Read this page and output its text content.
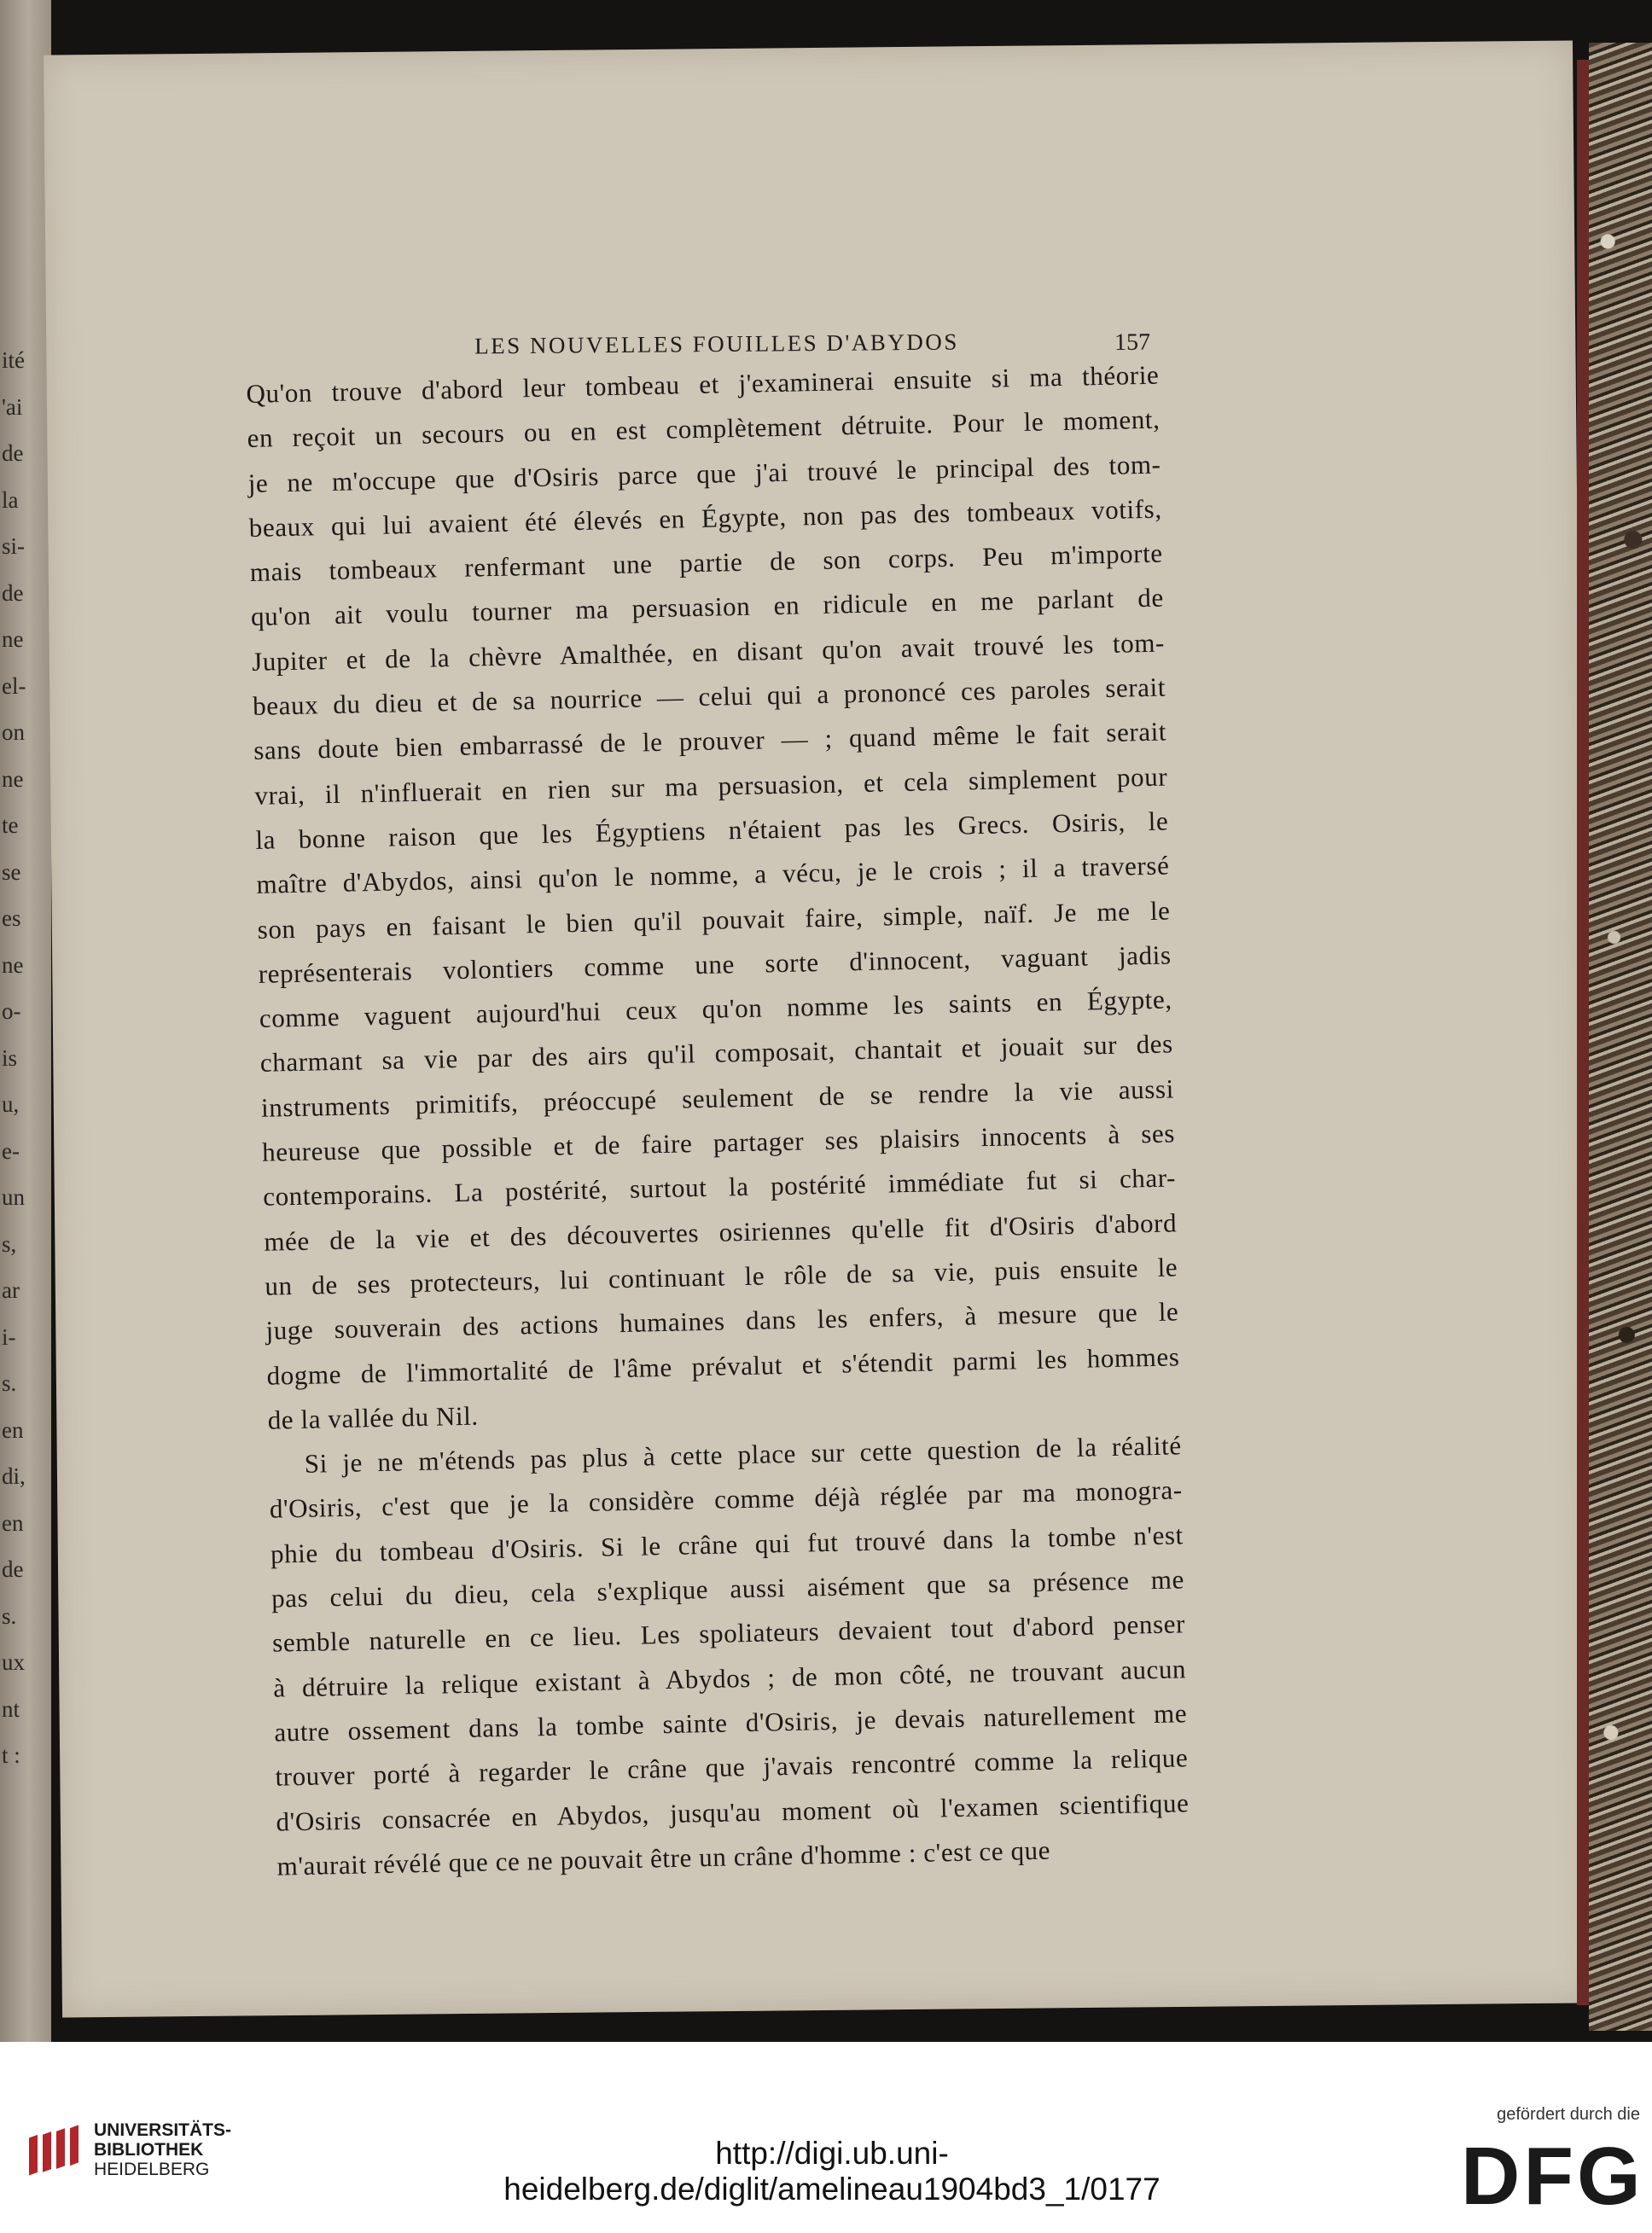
ité
'ai
de
la
si-
de
ne
el-
on
ne
te
se
es
ne
o-
is
u,
e-
un
s,
ar
i-
s.
en
di,
en
de
s.
ux
nt
t :
LES NOUVELLES FOUILLES D'ABYDOS	157
Qu'on trouve d'abord leur tombeau et j'examinerai ensuite si ma théorie
en reçoit un secours ou en est complètement détruite. Pour le moment,
je ne m'occupe que d'Osiris parce que j'ai trouvé le principal des tom-
beaux qui lui avaient été élevés en Égypte, non pas des tombeaux votifs,
mais tombeaux renfermant une partie de son corps. Peu m'importe
qu'on ait voulu tourner ma persuasion en ridicule en me parlant de
Jupiter et de la chèvre Amalthée, en disant qu'on avait trouvé les tom-
beaux du dieu et de sa nourrice — celui qui a prononcé ces paroles serait
sans doute bien embarrassé de le prouver — ; quand même le fait serait
vrai, il n'influerait en rien sur ma persuasion, et cela simplement pour
la bonne raison que les Égyptiens n'étaient pas les Grecs. Osiris, le
maître d'Abydos, ainsi qu'on le nomme, a vécu, je le crois ; il a traversé
son pays en faisant le bien qu'il pouvait faire, simple, naïf. Je me le
représenterais volontiers comme une sorte d'innocent, vaguant jadis
comme vaguent aujourd'hui ceux qu'on nomme les saints en Égypte,
charmant sa vie par des airs qu'il composait, chantait et jouait sur des
instruments primitifs, préoccupé seulement de se rendre la vie aussi
heureuse que possible et de faire partager ses plaisirs innocents à ses
contemporains. La postérité, surtout la postérité immédiate fut si char-
mée de la vie et des découvertes osiriennes qu'elle fit d'Osiris d'abord
un de ses protecteurs, lui continuant le rôle de sa vie, puis ensuite le
juge souverain des actions humaines dans les enfers, à mesure que le
dogme de l'immortalité de l'âme prévalut et s'étendit parmi les hommes
de la vallée du Nil.
Si je ne m'étends pas plus à cette place sur cette question de la réalité
d'Osiris, c'est que je la considère comme déjà réglée par ma monogra-
phie du tombeau d'Osiris. Si le crâne qui fut trouvé dans la tombe n'est
pas celui du dieu, cela s'explique aussi aisément que sa présence me
semble naturelle en ce lieu. Les spoliateurs devaient tout d'abord penser
à détruire la relique existant à Abydos ; de mon côté, ne trouvant aucun
autre ossement dans la tombe sainte d'Osiris, je devais naturellement me
trouver porté à regarder le crâne que j'avais rencontré comme la relique
d'Osiris consacrée en Abydos, jusqu'au moment où l'examen scientifique
m'aurait révélé que ce ne pouvait être un crâne d'homme : c'est ce que
UNIVERSITÄTS-
BIBLIOTHEK
HEIDELBERG	http://digi.ub.uni-heidelberg.de/diglit/amelineau1904bd3_1/0177
gefördert durch die
DFG
